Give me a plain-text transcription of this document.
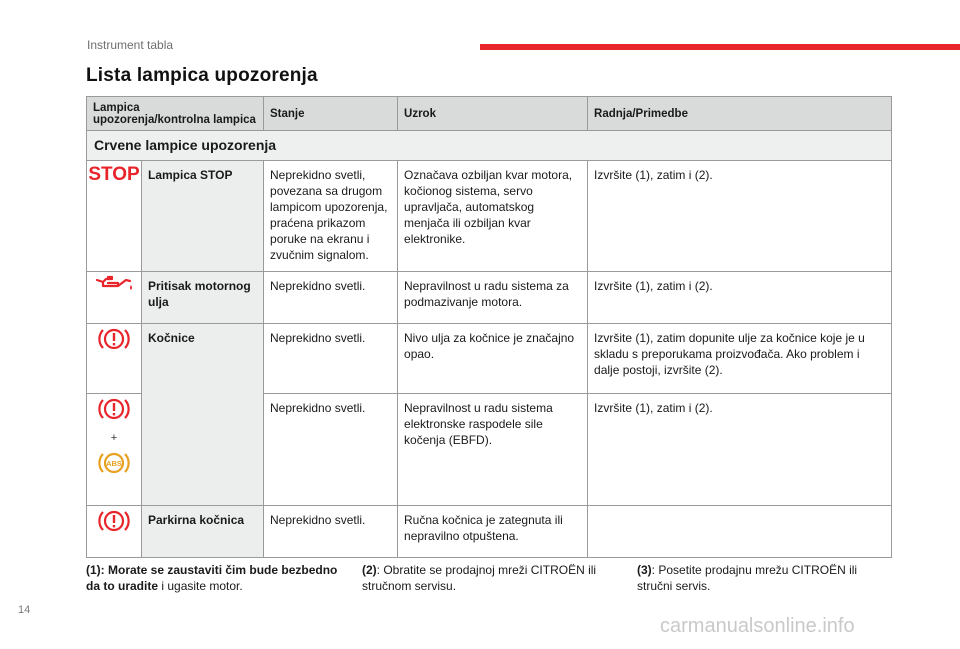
Instrument tabla
Lista lampica upozorenja
Lampica upozorenja/kontrolna lampica		Stanje	Uzrok	Radnja/Primedbe
Crvene lampice upozorenja				

STOP	Lampica STOP	Neprekidno svetli, povezana sa drugom lampicom upozorenja, praćena prikazom poruke na ekranu i zvučnim signalom.	Označava ozbiljan kvar motora, kočionog sistema, servo upravljača, automatskog menjača ili ozbiljan kvar elektronike.	Izvršite (1), zatim i (2).
	Pritisak motornog ulja	Neprekidno svetli.	Nepravilnost u radu sistema za podmazivanje motora.	Izvršite (1), zatim i (2).
	Kočnice	Neprekidno svetli.	Nivo ulja za kočnice je značajno opao.	Izvršite (1), zatim dopunite ulje za kočnice koje je u skladu s preporukama proizvođača. Ako problem i dalje postoji, izvršite (2).

+
ABS		Neprekidno svetli.	Nepravilnost u radu sistema elektronske raspodele sile kočenja (EBFD).	Izvršite (1), zatim i (2).
	Parkirna kočnica	Neprekidno svetli.	Ručna kočnica je zategnuta ili nepravilno otpuštena.	
(1): Morate se zaustaviti čim bude bezbedno da to uradite i ugasite motor.
(2): Obratite se prodajnoj mreži CITROËN ili stručnom servisu.
(3): Posetite prodajnu mrežu CITROËN ili stručni servis.
14
carmanualsonline.info
